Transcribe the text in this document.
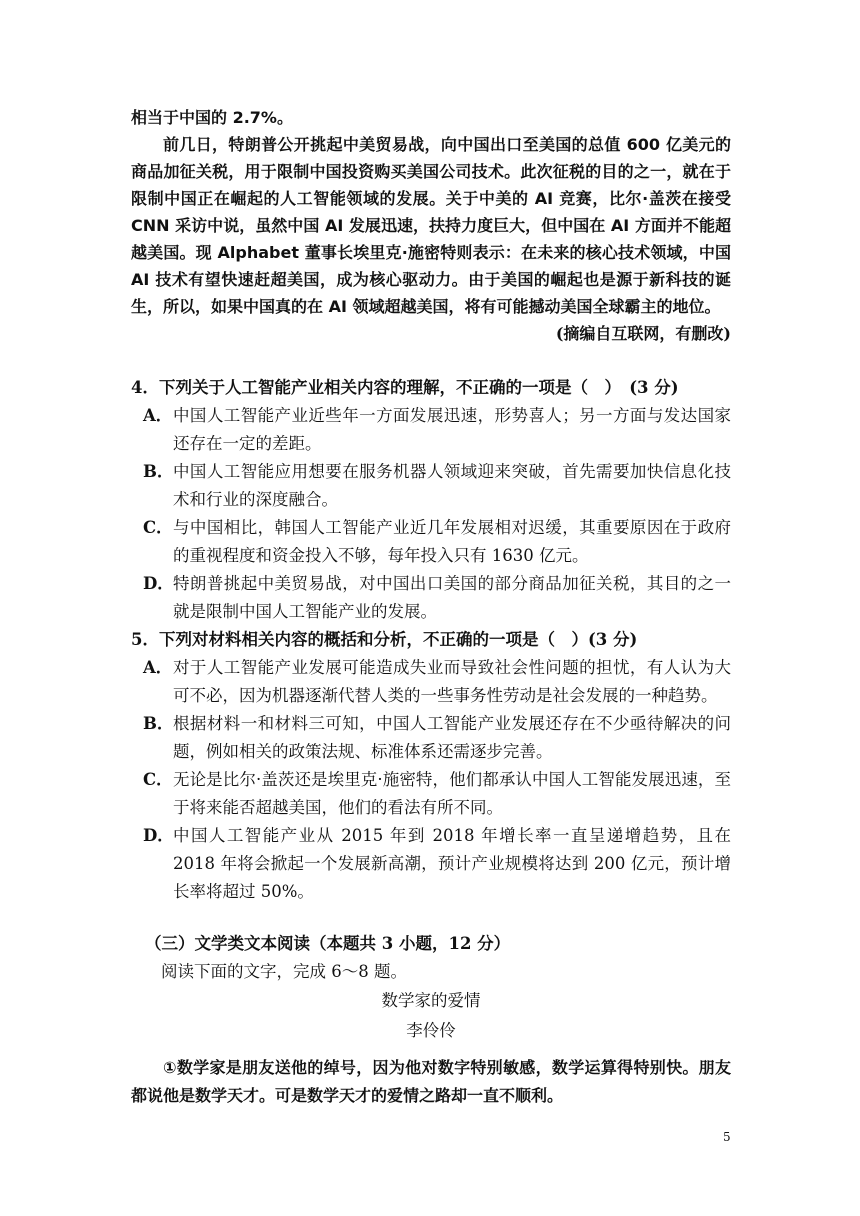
相当于中国的 2.7%。

前几日，特朗普公开挑起中美贸易战，向中国出口至美国的总值 600 亿美元的商品加征关税，用于限制中国投资购买美国公司技术。此次征税的目的之一，就在于限制中国正在崛起的人工智能领域的发展。关于中美的 AI 竞赛，比尔·盖茨在接受 CNN 采访中说，虽然中国 AI 发展迅速，扶持力度巨大，但中国在 AI 方面并不能超越美国。现 Alphabet 董事长埃里克·施密特则表示：在未来的核心技术领域，中国 AI 技术有望快速赶超美国，成为核心驱动力。由于美国的崛起也是源于新科技的诞生，所以，如果中国真的在 AI 领域超越美国，将有可能撼动美国全球霸主的地位。

(摘编自互联网，有删改)

4．下列关于人工智能产业相关内容的理解，不正确的一项是（　）　(3 分)

A． 中国人工智能产业近些年一方面发展迅速，形势喜人；另一方面与发达国家还存在一定的差距。
B． 中国人工智能应用想要在服务机器人领域迎来突破，首先需要加快信息化技术和行业的深度融合。
C． 与中国相比，韩国人工智能产业近几年发展相对迟缓，其重要原因在于政府的重视程度和资金投入不够，每年投入只有 1630 亿元。
D． 特朗普挑起中美贸易战，对中国出口美国的部分商品加征关税，其目的之一就是限制中国人工智能产业的发展。

5．下列对材料相关内容的概括和分析，不正确的一项是（　）(3 分)

A． 对于人工智能产业发展可能造成失业而导致社会性问题的担忧，有人认为大可不必，因为机器逐渐代替人类的一些事务性劳动是社会发展的一种趋势。
B． 根据材料一和材料三可知，中国人工智能产业发展还存在不少亟待解决的问题，例如相关的政策法规、标准体系还需逐步完善。
C． 无论是比尔·盖茨还是埃里克·施密特，他们都承认中国人工智能发展迅速，至于将来能否超越美国，他们的看法有所不同。
D． 中国人工智能产业从 2015 年到 2018 年增长率一直呈递增趋势，且在 2018 年将会掀起一个发展新高潮，预计产业规模将达到 200 亿元，预计增长率将超过 50%。
（三）文学类文本阅读（本题共 3 小题，12 分）
阅读下面的文字，完成 6～8 题。
数学家的爱情
李伶伶

①数学家是朋友送他的绰号，因为他对数字特别敏感，数学运算得特别快。朋友都说他是数学天才。可是数学天才的爱情之路却一直不顺利。

5
